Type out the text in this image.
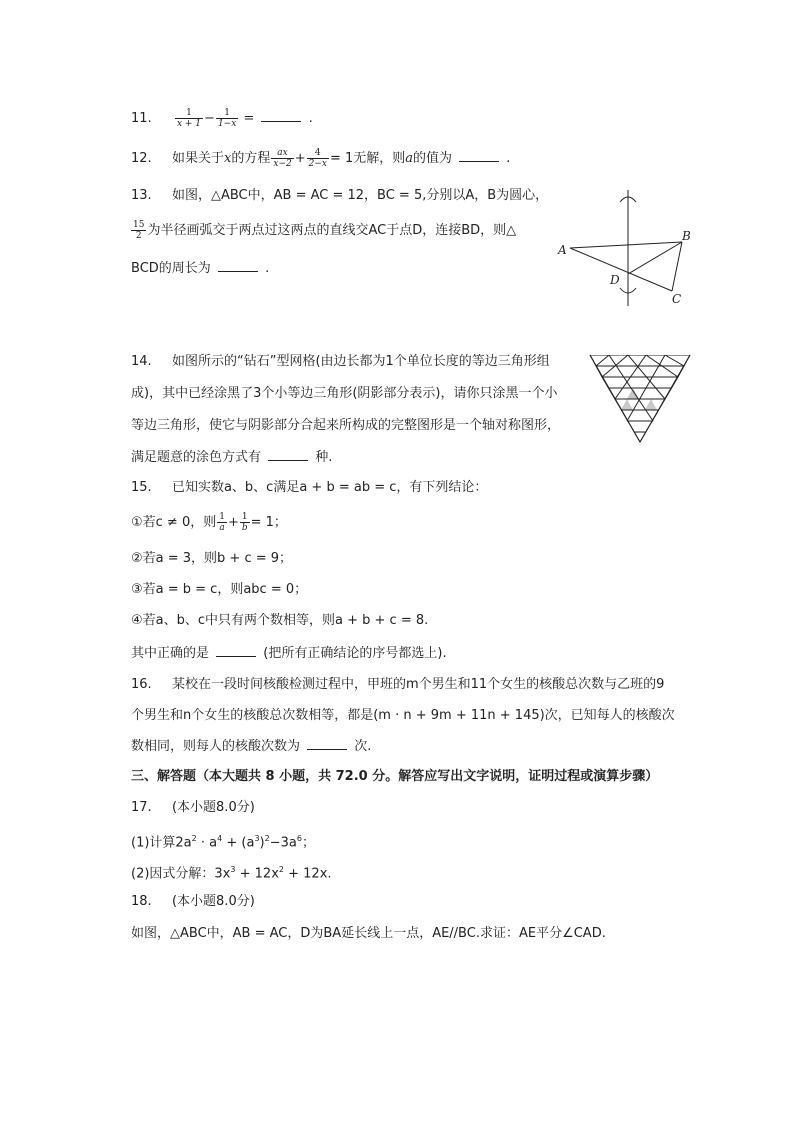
11.	$\frac{1}{x + 1} - \frac{1}{1-x}$ =	.
12. 如果关于x的方程 $\frac{ax}{x-2} + \frac{4}{2-x} = 1$无解，则a的值为	.
13. 如图，△ABC中，AB = AC = 12，BC = 5,分别以A，B为圆心，
$\frac{15}{2}$ 为半径画弧交于两点过这两点的直线交AC于点D，连接BD，则△
BCD的周长为	.
A
B
C
D
14. 如图所示的“钻石”型网格(由边长都为1个单位长度的等边三角形组
成)，其中已经涂黑了3个小等边三角形(阴影部分表示)，请你只涂黑一个小
等边三角形，使它与阴影部分合起来所构成的完整图形是一个轴对称图形，
满足题意的涂色方式有	种.
15. 已知实数a、b、c满足a + b = ab = c，有下列结论：
①若c ≠ 0，则 $\frac{1}{a} + \frac{1}{b} = 1$；
②若a = 3，则b + c = 9；
③若a = b = c，则abc = 0；
④若a、b、c中只有两个数相等，则a + b + c = 8.
其中正确的是	(把所有正确结论的序号都选上).
16. 某校在一段时间核酸检测过程中，甲班的m个男生和11个女生的核酸总次数与乙班的9
个男生和n个女生的核酸总次数相等，都是(m · n + 9m + 11n + 145)次，已知每人的核酸次
数相同，则每人的核酸次数为	次.
三、解答题（本大题共 8 小题，共 72.0 分。解答应写出文字说明，证明过程或演算步骤）
17. (本小题8.0分)
(1)计算$2a^2 \cdot a^4 + (a^3)^2-3a^6$；
(2)因式分解：$3x^3 + 12x^2 + 12x$.
18. (本小题8.0分)
如图，△ABC中，AB = AC，D为BA延长线上一点，AE//BC.求证：AE平分∠CAD.
